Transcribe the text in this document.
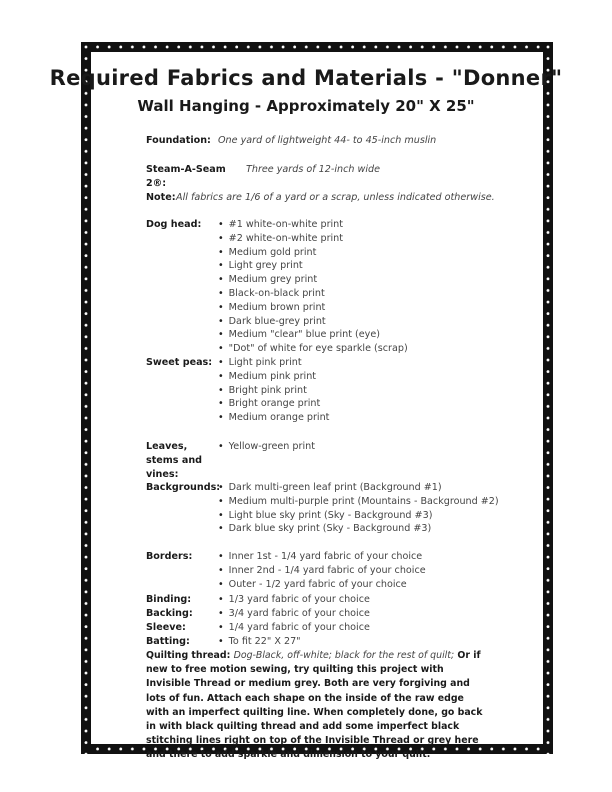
Required Fabrics and Materials - "Donner"
Wall Hanging - Approximately 20" X 25"
Foundation: One yard of lightweight 44- to 45-inch muslin
Steam-A-Seam 2®:
Three yards of 12-inch wide
Note: All fabrics are 1/6 of a yard or a scrap, unless indicated otherwise.
Dog head:	• #1 white-on-white print
• #2 white-on-white print
• Medium gold print
• Light grey print
• Medium grey print
• Black-on-black print
• Medium brown print
• Dark blue-grey print
• Medium "clear" blue print (eye)
• "Dot" of white for eye sparkle (scrap)
Sweet peas:	• Light pink print
• Medium pink print
• Bright pink print
• Bright orange print
• Medium orange print
Leaves, stems and vines:
• Yellow-green print
Backgrounds: • Dark multi-green leaf print (Background #1)
• Medium multi-purple print (Mountains - Background #2)
• Light blue sky print (Sky - Background #3)
• Dark blue sky print (Sky - Background #3)
Borders:	• Inner 1st - 1/4 yard fabric of your choice
• Inner 2nd - 1/4 yard fabric of your choice
• Outer - 1/2 yard fabric of your choice
Binding:	• 1/3 yard fabric of your choice
Backing:	• 3/4 yard fabric of your choice
Sleeve:	• 1/4 yard fabric of your choice
Batting:	• To fit 22" X 27"
Quilting thread: Dog-Black, off-white; black for the rest of quilt; Or if new to free motion sewing, try quilting this project with Invisible Thread or medium grey. Both are very forgiving and lots of fun. Attach each shape on the inside of the raw edge with an imperfect quilting line. When completely done, go back in with black quilting thread and add some imperfect black stitching lines right on top of the Invisible Thread or grey here and there to add sparkle and dimension to your quilt.
